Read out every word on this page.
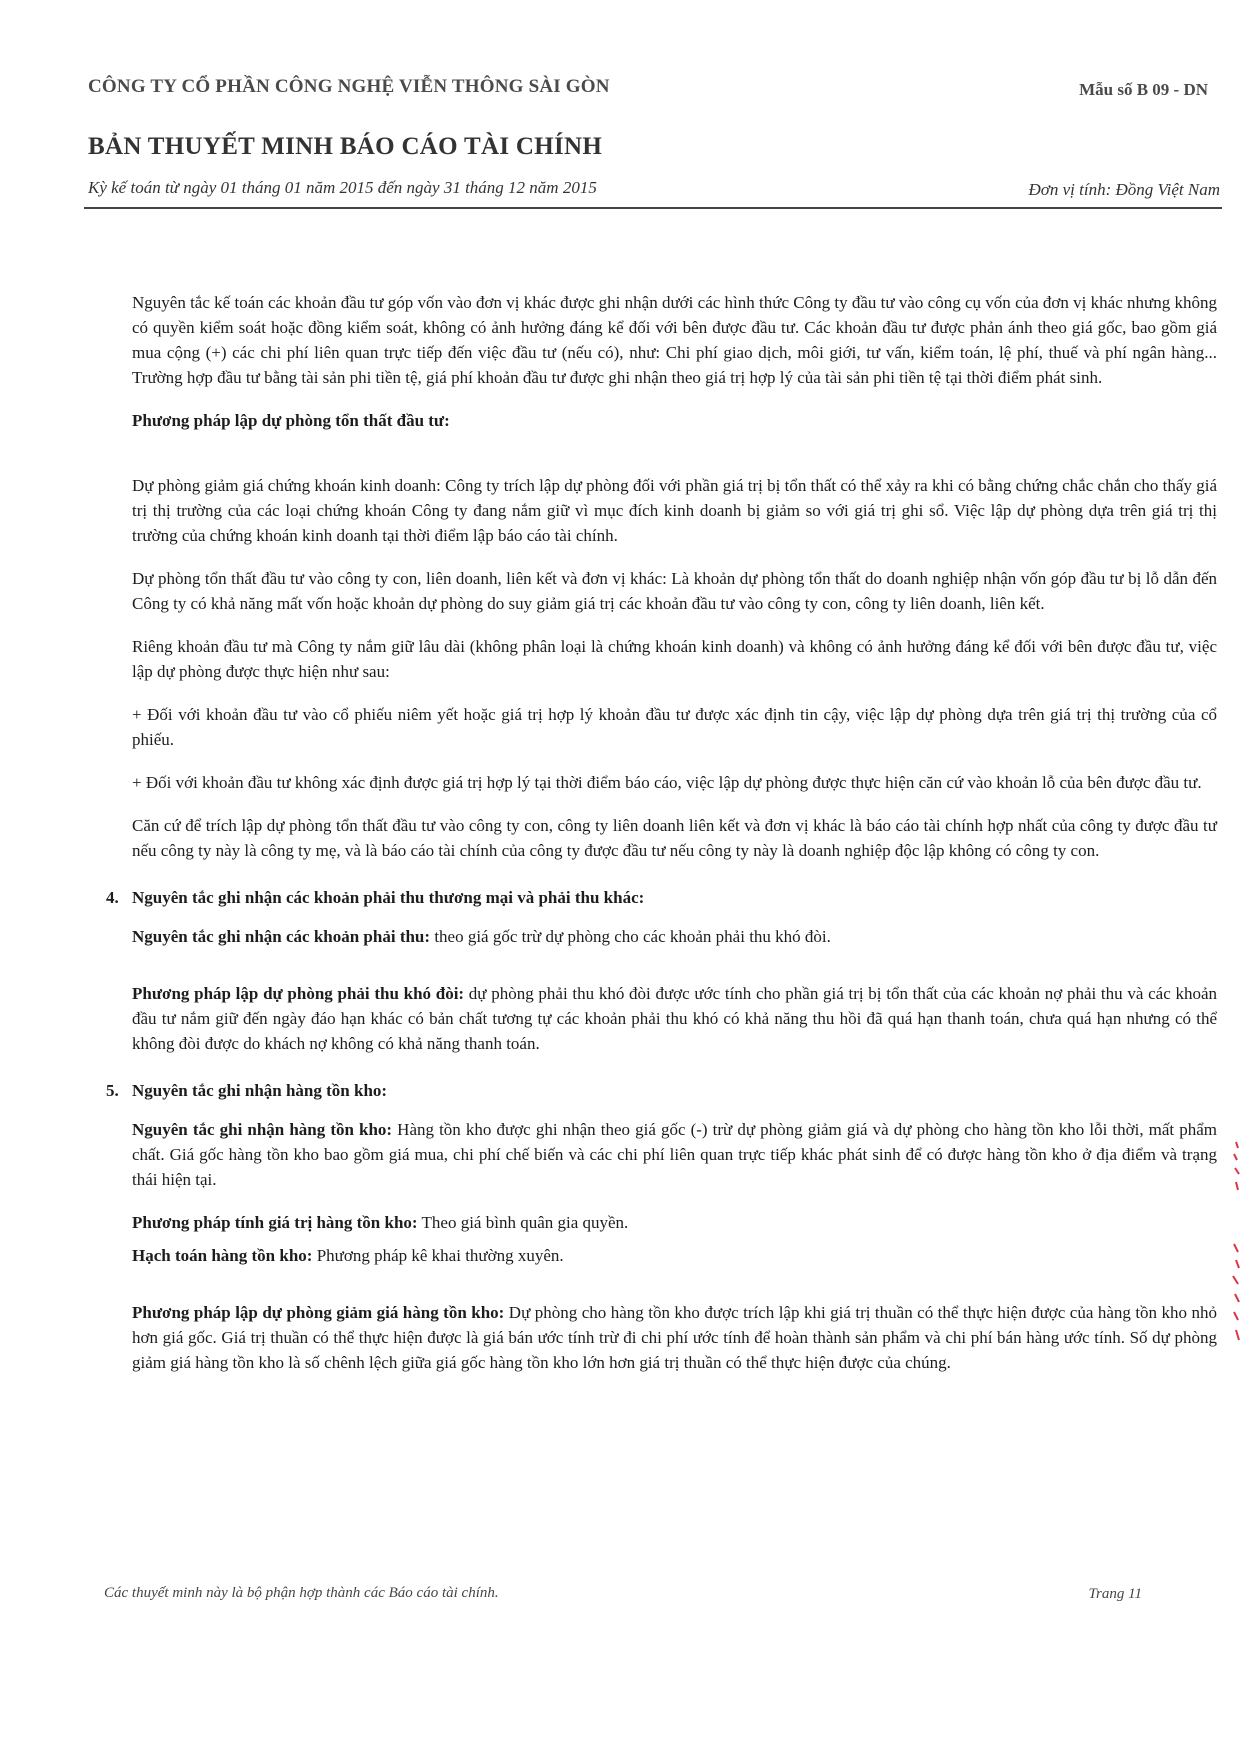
CÔNG TY CỔ PHẦN CÔNG NGHỆ VIỄN THÔNG SÀI GÒN	Mẫu số B 09 - DN
BẢN THUYẾT MINH BÁO CÁO TÀI CHÍNH
Kỳ kế toán từ ngày 01 tháng 01 năm 2015 đến ngày 31 tháng 12 năm 2015	Đơn vị tính: Đồng Việt Nam

Nguyên tắc kế toán các khoản đầu tư góp vốn vào đơn vị khác được ghi nhận dưới các hình thức Công ty đầu tư vào công cụ vốn của đơn vị khác nhưng không có quyền kiểm soát hoặc đồng kiểm soát, không có ảnh hưởng đáng kể đối với bên được đầu tư. Các khoản đầu tư được phản ánh theo giá gốc, bao gồm giá mua cộng (+) các chi phí liên quan trực tiếp đến việc đầu tư (nếu có), như: Chi phí giao dịch, môi giới, tư vấn, kiểm toán, lệ phí, thuế và phí ngân hàng... Trường hợp đầu tư bằng tài sản phi tiền tệ, giá phí khoản đầu tư được ghi nhận theo giá trị hợp lý của tài sản phi tiền tệ tại thời điểm phát sinh.

Phương pháp lập dự phòng tổn thất đầu tư:

Dự phòng giảm giá chứng khoán kinh doanh: Công ty trích lập dự phòng đối với phần giá trị bị tổn thất có thể xảy ra khi có bằng chứng chắc chắn cho thấy giá trị thị trường của các loại chứng khoán Công ty đang nắm giữ vì mục đích kinh doanh bị giảm so với giá trị ghi sổ. Việc lập dự phòng dựa trên giá trị thị trường của chứng khoán kinh doanh tại thời điểm lập báo cáo tài chính.

Dự phòng tổn thất đầu tư vào công ty con, liên doanh, liên kết và đơn vị khác: Là khoản dự phòng tổn thất do doanh nghiệp nhận vốn góp đầu tư bị lỗ dẫn đến Công ty có khả năng mất vốn hoặc khoản dự phòng do suy giảm giá trị các khoản đầu tư vào công ty con, công ty liên doanh, liên kết.

Riêng khoản đầu tư mà Công ty nắm giữ lâu dài (không phân loại là chứng khoán kinh doanh) và không có ảnh hưởng đáng kể đối với bên được đầu tư, việc lập dự phòng được thực hiện như sau:

+ Đối với khoản đầu tư vào cổ phiếu niêm yết hoặc giá trị hợp lý khoản đầu tư được xác định tin cậy, việc lập dự phòng dựa trên giá trị thị trường của cổ phiếu.

+ Đối với khoản đầu tư không xác định được giá trị hợp lý tại thời điểm báo cáo, việc lập dự phòng được thực hiện căn cứ vào khoản lỗ của bên được đầu tư.

Căn cứ để trích lập dự phòng tổn thất đầu tư vào công ty con, công ty liên doanh liên kết và đơn vị khác là báo cáo tài chính hợp nhất của công ty được đầu tư nếu công ty này là công ty mẹ, và là báo cáo tài chính của công ty được đầu tư nếu công ty này là doanh nghiệp độc lập không có công ty con.

4. Nguyên tắc ghi nhận các khoản phải thu thương mại và phải thu khác:

Nguyên tắc ghi nhận các khoản phải thu: theo giá gốc trừ dự phòng cho các khoản phải thu khó đòi.

Phương pháp lập dự phòng phải thu khó đòi: dự phòng phải thu khó đòi được ước tính cho phần giá trị bị tổn thất của các khoản nợ phải thu và các khoản đầu tư nắm giữ đến ngày đáo hạn khác có bản chất tương tự các khoản phải thu khó có khả năng thu hồi đã quá hạn thanh toán, chưa quá hạn nhưng có thể không đòi được do khách nợ không có khả năng thanh toán.

5. Nguyên tắc ghi nhận hàng tồn kho:

Nguyên tắc ghi nhận hàng tồn kho: Hàng tồn kho được ghi nhận theo giá gốc (-) trừ dự phòng giảm giá và dự phòng cho hàng tồn kho lỗi thời, mất phẩm chất. Giá gốc hàng tồn kho bao gồm giá mua, chi phí chế biến và các chi phí liên quan trực tiếp khác phát sinh để có được hàng tồn kho ở địa điểm và trạng thái hiện tại.

Phương pháp tính giá trị hàng tồn kho: Theo giá bình quân gia quyền.

Hạch toán hàng tồn kho: Phương pháp kê khai thường xuyên.

Phương pháp lập dự phòng giảm giá hàng tồn kho: Dự phòng cho hàng tồn kho được trích lập khi giá trị thuần có thể thực hiện được của hàng tồn kho nhỏ hơn giá gốc. Giá trị thuần có thể thực hiện được là giá bán ước tính trừ đi chi phí ước tính để hoàn thành sản phẩm và chi phí bán hàng ước tính. Số dự phòng giảm giá hàng tồn kho là số chênh lệch giữa giá gốc hàng tồn kho lớn hơn giá trị thuần có thể thực hiện được của chúng.

Các thuyết minh này là bộ phận hợp thành các Báo cáo tài chính.	Trang 11
